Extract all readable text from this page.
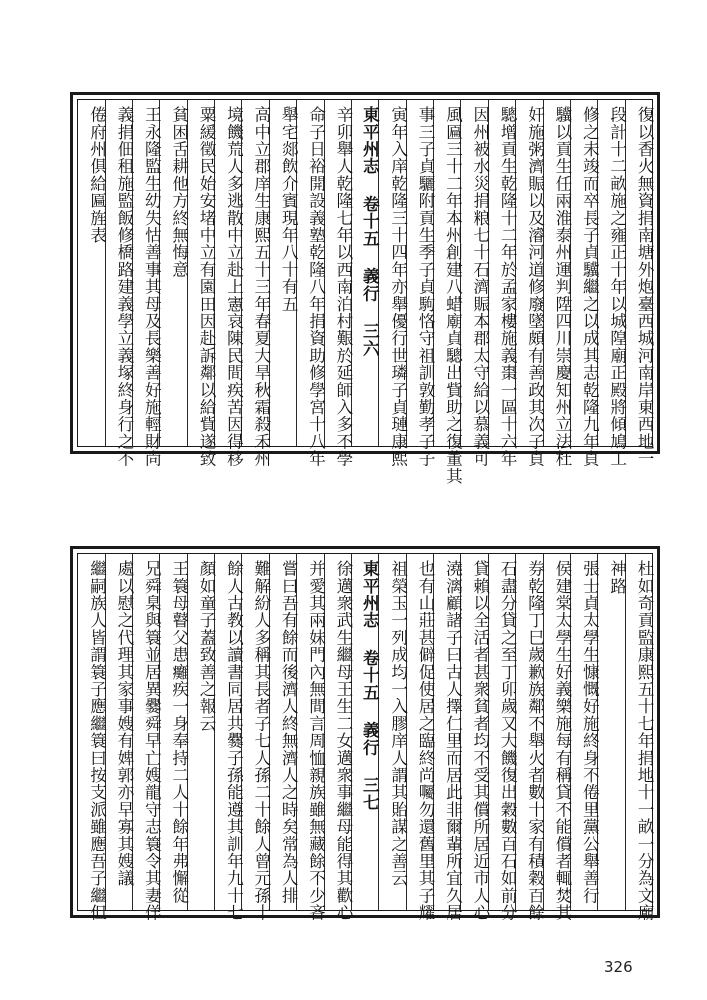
復以香火無資捐南塘外炮臺西城河南岸東西地一
段計十二畝施之雍正十年以城隍廟正殿將傾鳩工
修之未竣而卒長子貞驥繼之以成其志乾隆九年貞
驥以貢生任兩淮泰州運判陞四川崇慶知州立法杜
奸施粥濟賑以及濬河道修廢墜頗有善政其次子貞
驄增貢生乾隆十二年於孟家樓施義棗一區十六年
因州被水災捐粮七十石濟賑本郡太守給以慕義可
風匾三十二年本州創建八蜡廟貞驄出貲助之復董其
事三子貞驪附貢生季子貞駒恪守祖訓敦勤孝子子
寅年入庠乾隆三十四年亦舉優行世璘子貞璉康熙
東平州志 卷十五 義行 三六
辛卯舉人乾隆七年以西南泊村艱於延師入多不學
命子日裕開設義塾乾隆八年捐資助修學宮十八年
舉宅郯飲介賓現年八十有五
高中立郡庠生康熙五十三年春夏大旱秋霜殺禾州
境饑荒人多逃散中立赴上憲哀陳民間疾苦因得移
粟緩徵民始安堵中立有園田因赴訴鄰以給貲遂致
貧困舌耕他方終無悔意
王永隆監生幼失怙善事其母及長樂善好施輕財尚
義捐佃租施監飯修橋路建義學立義塚終身行之不
倦府州俱給匾旌表
杜如奇貢監康熙五十七年捐地十一畝一分為文廟
神路
張士貞太學生慷慨好施終身不倦里黨公舉善行
侯建棠太學生好義樂施每有稱貸不能償者輒焚其
券乾隆丁巳歲歉族鄰不舉火者數十家有積穀百餘
石盡分貸之至丁卯歲又大饑復出穀數百石如前分
貸賴以全活者甚衆貧者均不受其償所居近市人心
澆漓顧諸子曰古人擇仁里而居此非爾輩所宜久居
也有山莊甚僻促使居之臨終尚囑勿還舊里其子耀
祖榮玉一列成均一入膠庠人謂其貽謀之善云
東平州志 卷十五 義行 三七
徐邁衆武生繼母王生二女邁衆事繼母能得其歡心
并愛其兩妹門內無間言周恤親族雖無藏餘不少吝
嘗曰吾有餘而後濟人終無濟人之時矣常為人排
難解紛人多稱其長者子七人孫二十餘人曾元孫十
餘人古教以讀書同居共爨子孫能遵其訓年九十七
顏如童子蓋致善之報云
王簑母瞽父患癱疾一身奉持二人十餘年弗懈從
兄舜臬與簑並居異爨舜早亡嫂龍守志簑令其妻佯
處以慰之代理其家事嫂有婢郭亦早寡其嫂議
繼嗣族人皆謂簑子應繼簑曰按支派雖應吾子繼但
326
